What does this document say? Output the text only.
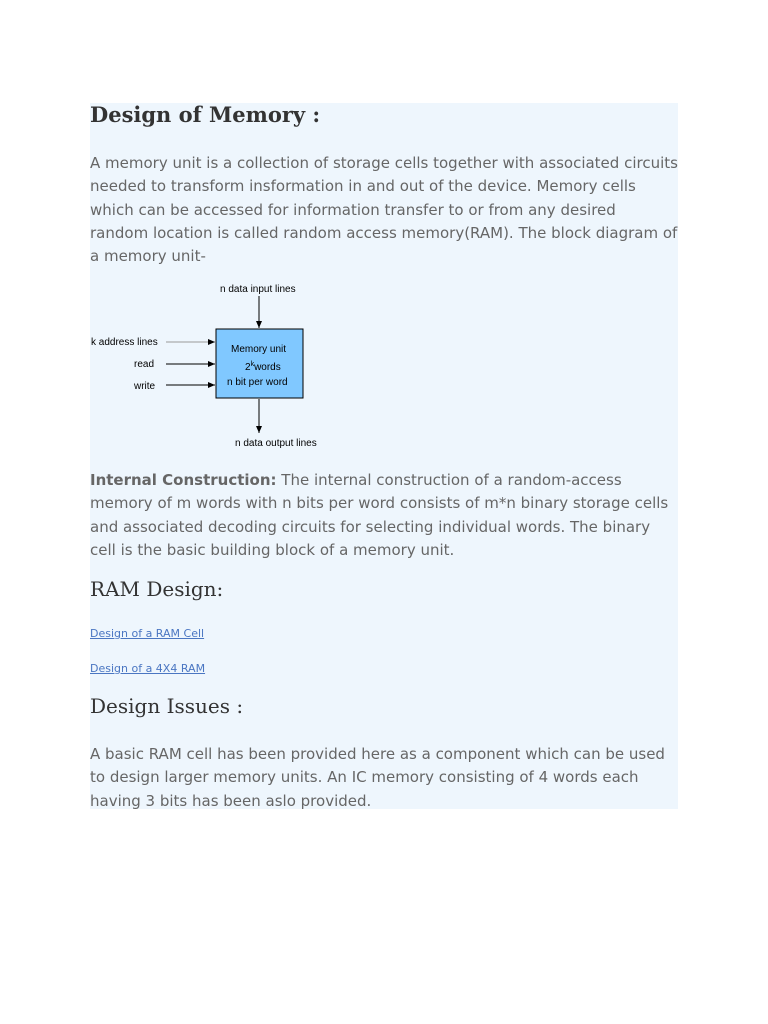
Design of Memory :

A memory unit is a collection of storage cells together with associated circuits needed to transform insformation in and out of the device. Memory cells which can be accessed for information transfer to or from any desired random location is called random access memory(RAM). The block diagram of a memory unit-

n data input lines
Memory unit
2$^k$words
n bit per word
k address lines
read
write
n data output lines

Internal Construction: The internal construction of a random-access memory of m words with n bits per word consists of m*n binary storage cells and associated decoding circuits for selecting individual words. The binary cell is the basic building block of a memory unit.

RAM Design:
Design of a RAM Cell
Design of a 4X4 RAM
Design Issues :

A basic RAM cell has been provided here as a component which can be used to design larger memory units. An IC memory consisting of 4 words each having 3 bits has been aslo provided.
